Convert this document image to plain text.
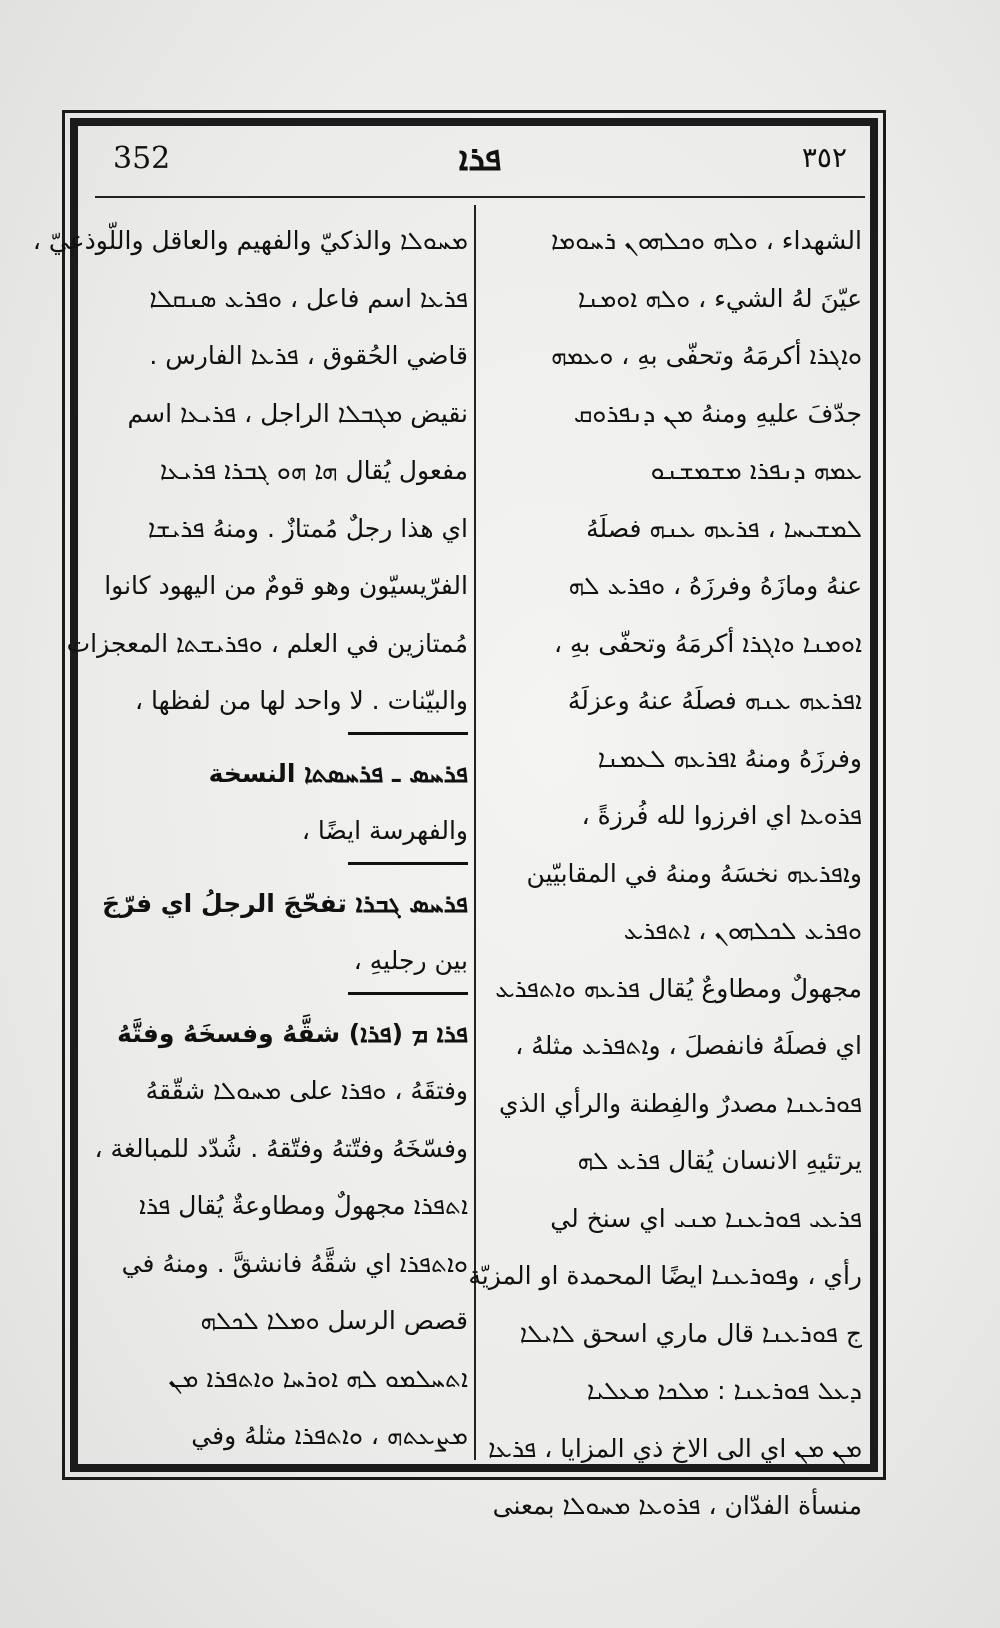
352	ܦܪܐ	٣٥٢
الشهداء ، ܘܠܗ ܘܟܠܗܘܢ ܪܚܘܡܐ
عيّنَ لهُ الشيء ، ܘܠܗ ܐܘܡܢܐ
ܘܐܓܪܐ أكرمَهُ وتحفّى بهِ ، ܘܥܡܗ
جدّفَ عليهِ ومنهُ ܡܢ ܕܢܦܪܘܩ
ܥܡܗ ܕܢܦܪܐ ܡܫܡܫܢܘ
ܠܡܫܝܚܐ ، ܦܪܥܗ ܥܢܗ فصلَهُ
عنهُ ومازَهُ وفرزَهُ ، ܘܦܪܥ ܠܗ
ܐܘܡܢܐ ܘܐܓܪܐ أكرمَهُ وتحفّى بهِ ،
ܐܦܪܥܗ ܥܢܗ فصلَهُ عنهُ وعزلَهُ
وفرزَهُ ومنهُ ܐܦܪܥܗ ܠܥܡܢܐ
ܦܪܘܥܐ اي افرزوا لله فُرزةً ،
وܐܦܪܥܗ نخسَهُ ومنهُ في المقابيّين
ܘܦܪܥ ܠܟܠܗܘܢ ، ܐܬܦܪܥ
مجهولٌ ومطاوعٌ يُقال ܦܪܥܗ ܘܐܬܦܪܥ
اي فصلَهُ فانفصلَ ، وܐܬܦܪܥ مثلهُ ،
ܦܘܪܥܢܐ مصدرٌ والفِطنة والرأي الذي
يرتئيهِ الانسان يُقال ܦܪܥ ܠܗ
ܦܪܥܝ ܦܘܪܥܢܐ ܡܢܝ اي سنخ لي
رأي ، وܦܘܪܥܢܐ ايضًا المحمدة او المزيّة
ج ܦܘܪܥܢܐ قال ماري اسحق ܠܐܝܠܐ
ܕܥܠ ܦܘܪܥܢܐ : ܡܠܟܐ ܡܥܠܝܐ
ܡܢ ܡܢ اي الى الاخ ذي المزايا ، ܦܪܥܐ
منسأة الفدّان ، ܦܪܘܥܐ ܡܚܘܠܐ بمعنى
ܡܚܘܠܐ والذكيّ والفهيم والعاقل واللّوذعيّ ،
ܦܪܥܐ اسم فاعل ، ܘܦܪܥ ܣܢܩܠܐ
قاضي الحُقوق ، ܦܪܥܐ الفارس .
نقيض ܡܓܒܠܐ الراجل ، ܦܪܝܥܐ اسم
مفعول يُقال ܗܐ ܗܘ ܓܒܪܐ ܦܪܝܥܐ
اي هذا رجلٌ مُمتازٌ . ومنهُ ܦܪܝܫܐ
الفرّيسيّون وهو قومٌ من اليهود كانوا
مُمتازين في العلم ، ܘܦܪܝܫܬܐ المعجزات
والبيّنات . لا واحد لها من لفظها ،
ܦܪܚܣ ـ ܦܪܚܣܬܐ النسخة
والفهرسة ايضًا ،
ܦܪܚܣ ܓܒܪܐ تفحّجَ الرجلُ اي فرّجَ
بين رجليهِ ،
ܦܪܐ ܡ (ܦܪܐ) شقَّهُ وفسخَهُ وفتَّهُ
وفتقَهُ ، ܘܦܪܐ على ܡܚܘܠܐ شقّقهُ
وفسّخَهُ وفتّتهُ وفتّقهُ . شُدّد للمبالغة ،
ܐܬܦܪܐ مجهولٌ ومطاوعةٌ يُقال ܦܪܐ
ܘܐܬܦܪܐ اي شقَّهُ فانشقَّ . ومنهُ في
قصص الرسل ܘܡܠܐ ܠܟܠܗ
ܐܬܚܠܡܘ ܠܗ ܐܘܪܚܐ ܘܐܬܦܪܐ ܡܢ
ܡܨܥܬܗ ، ܘܐܬܦܪܐ مثلهُ وفي
